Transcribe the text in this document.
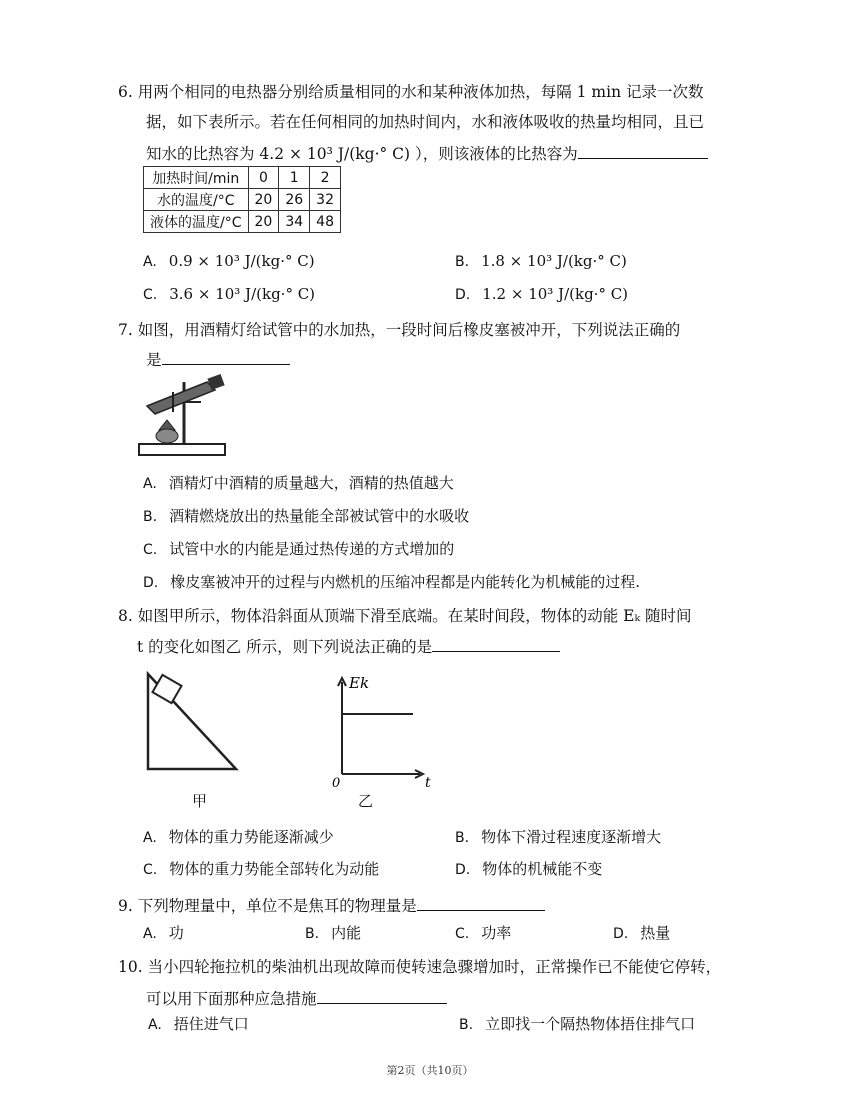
6. 用两个相同的电热器分别给质量相同的水和某种液体加热，每隔 1 min 记录一次数
据，如下表所示。若在任何相同的加热时间内，水和液体吸收的热量均相同，且已
知水的比热容为 4.2 × 10³ J/(kg·° C) ），则该液体的比热容为
加热时间/min	0	1	2
水的温度/°C	20	26	32
液体的温度/°C	20	34	48
A. 0.9 × 10³ J/(kg·° C)	B. 1.8 × 10³ J/(kg·° C)
C. 3.6 × 10³ J/(kg·° C)	D. 1.2 × 10³ J/(kg·° C)
7. 如图，用酒精灯给试管中的水加热，一段时间后橡皮塞被冲开，下列说法正确的
是
A. 酒精灯中酒精的质量越大，酒精的热值越大
B. 酒精燃烧放出的热量能全部被试管中的水吸收
C. 试管中水的内能是通过热传递的方式增加的
D. 橡皮塞被冲开的过程与内燃机的压缩冲程都是内能转化为机械能的过程.
8. 如图甲所示，物体沿斜面从顶端下滑至底端。在某时间段，物体的动能 Eₖ 随时间
t 的变化如图乙 所示，则下列说法正确的是
甲
Ek
0	t
乙
A. 物体的重力势能逐渐减少	B. 物体下滑过程速度逐渐增大
C. 物体的重力势能全部转化为动能	D. 物体的机械能不变
9. 下列物理量中，单位不是焦耳的物理量是
A. 功	B. 内能	C. 功率	D. 热量
10. 当小四轮拖拉机的柴油机出现故障而使转速急骤增加时，正常操作已不能使它停转，
可以用下面那种应急措施
A. 捂住进气口	B. 立即找一个隔热物体捂住排气口
第2页（共10页）
